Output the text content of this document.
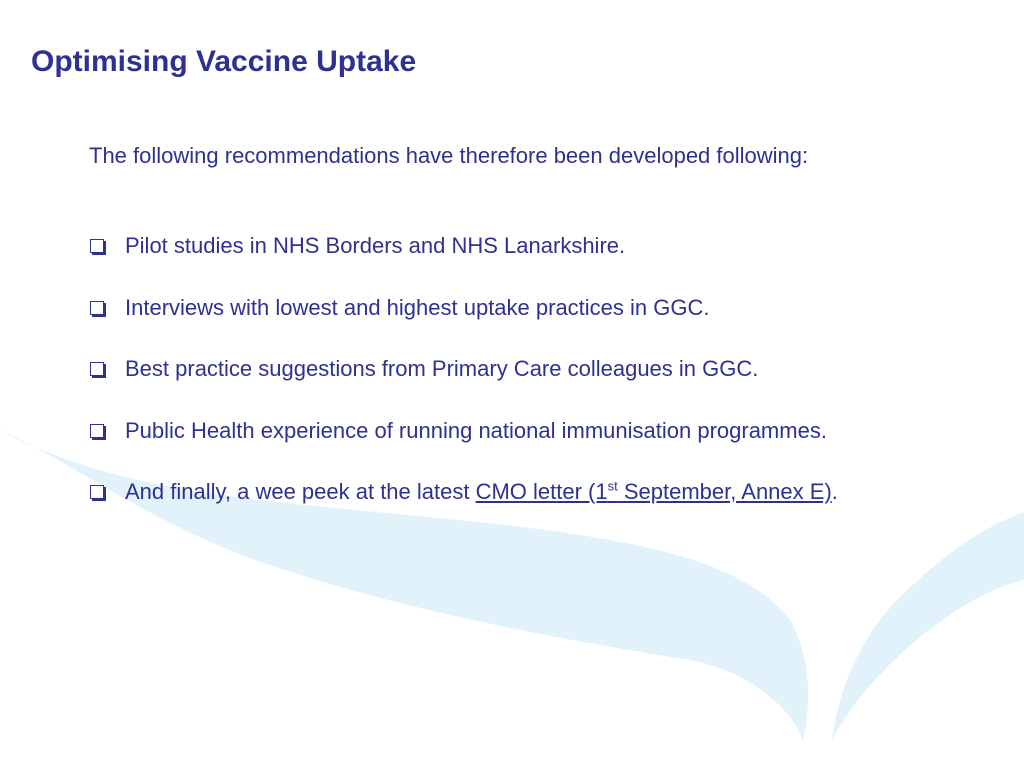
Optimising Vaccine Uptake

The following recommendations have therefore been developed following:

Pilot studies in NHS Borders and NHS Lanarkshire.
Interviews with lowest and highest uptake practices in GGC.
Best practice suggestions from Primary Care colleagues in GGC.
Public Health experience of running national immunisation programmes.
And finally, a wee peek at the latest CMO letter (1st September, Annex E).
